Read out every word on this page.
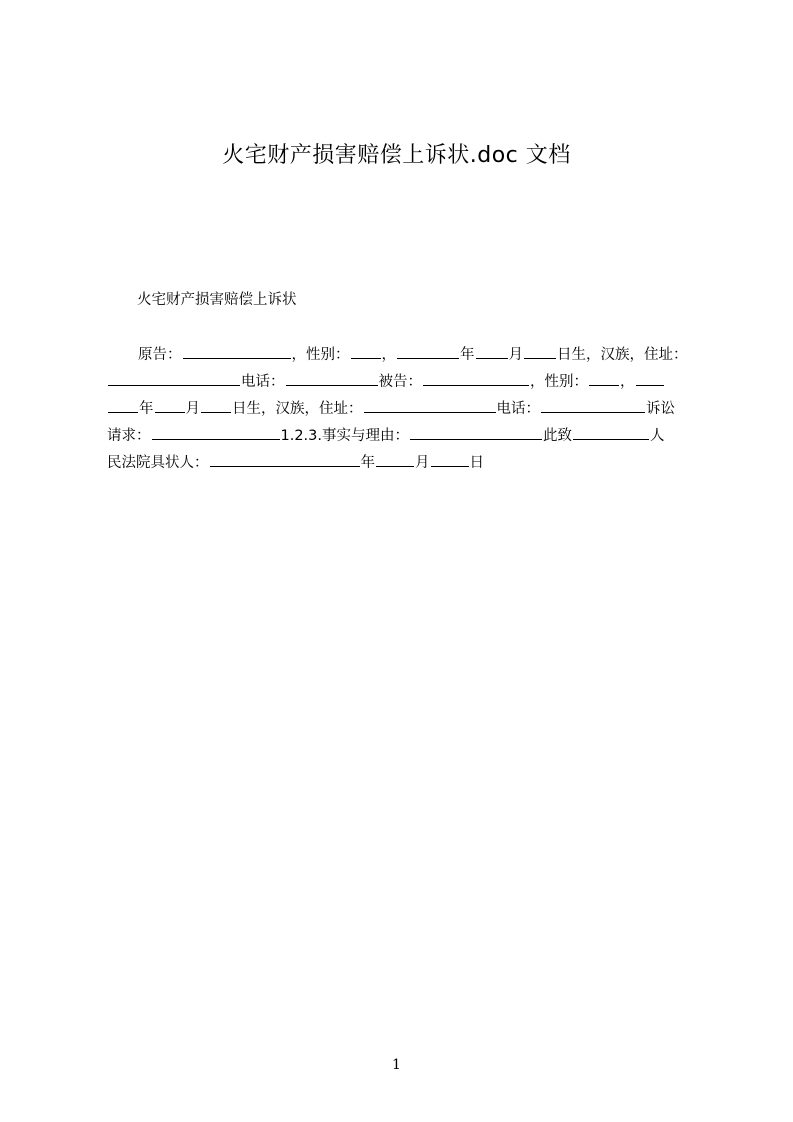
火宅财产损害赔偿上诉状.doc 文档
火宅财产损害赔偿上诉状
原告：	，性别： ，	年 月 日生，汉族，住址：
电话：	被告：	，性别： ，
年 月 日生，汉族，住址：	电话：	诉讼
请求：	1.2.3.事实与理由：	此致	人
民法院具状人：	年	月	日
1
